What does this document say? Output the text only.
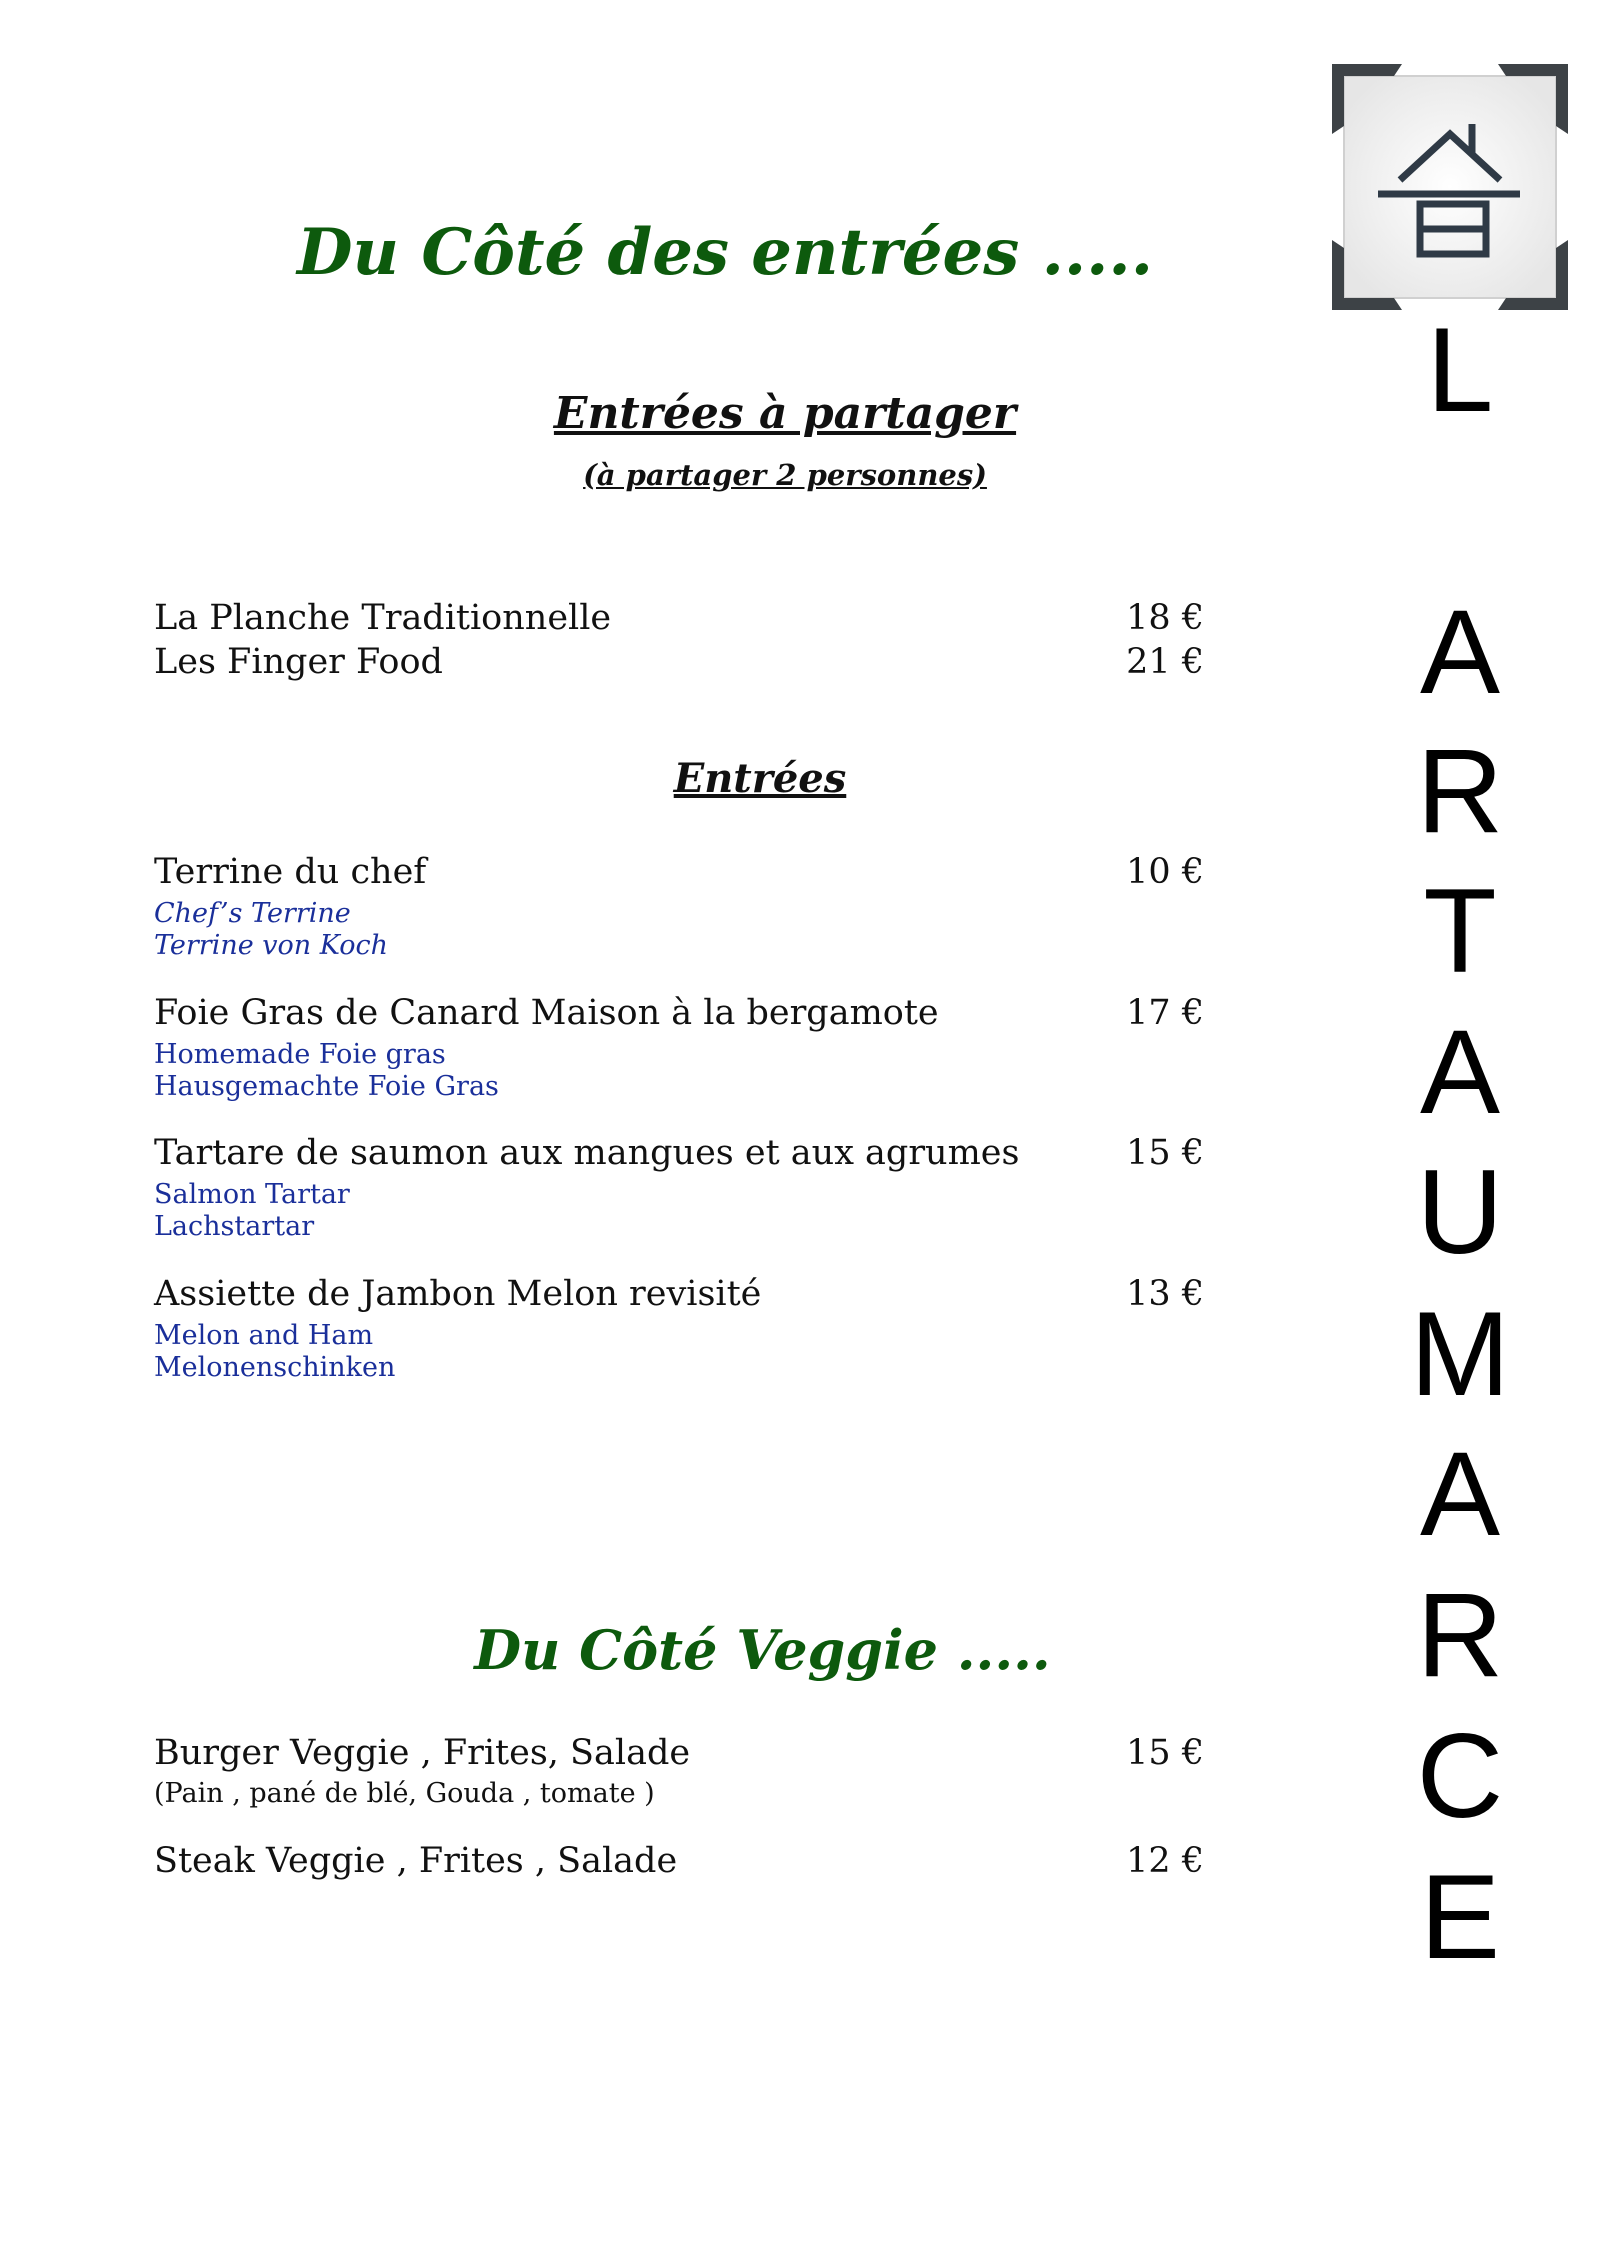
Du Côté des entrées .....
Entrées à partager
(à partager 2 personnes)
La Planche Traditionnelle	18 €
Les Finger Food	21 €
Entrées
Terrine du chef	10 €
Chef’s Terrine
Terrine von Koch
Foie Gras de Canard Maison à la bergamote	17 €
Homemade Foie gras
Hausgemachte Foie Gras
Tartare de saumon aux mangues et aux agrumes	15 €
Salmon Tartar
Lachstartar
Assiette de Jambon Melon revisité	13 €
Melon and Ham
Melonenschinken
Du Côté Veggie .....
Burger Veggie , Frites, Salade	15 €
(Pain , pané de blé, Gouda , tomate )
Steak Veggie , Frites , Salade	12 €
L
A
R
T
A
U
M
A
R
C
E
